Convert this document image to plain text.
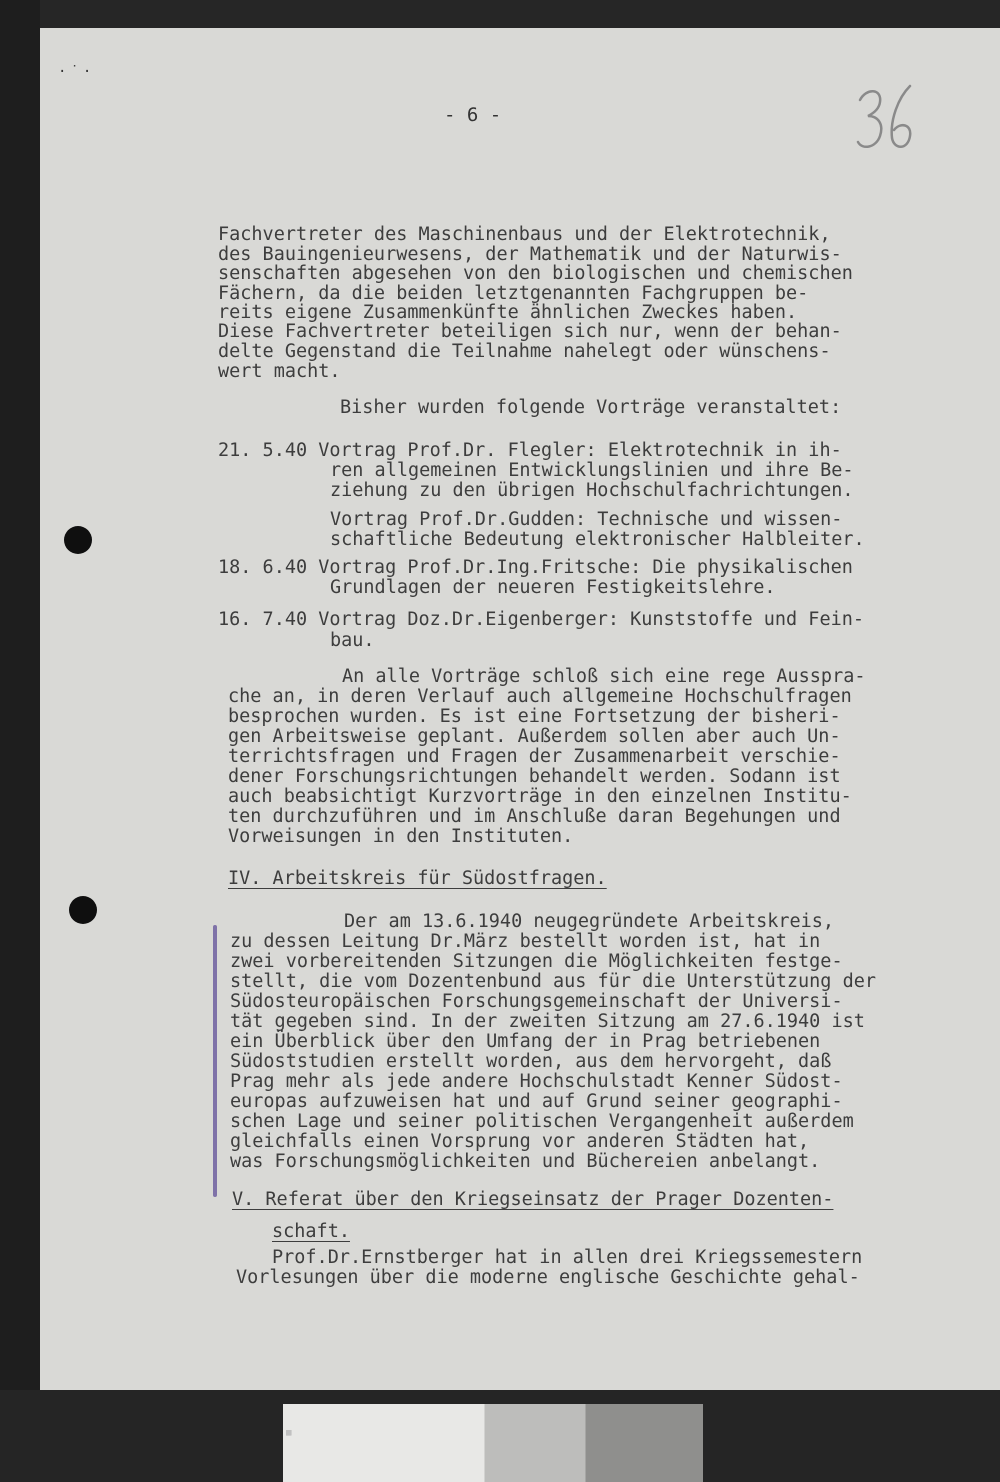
·˙·
- 6 -
Fachvertreter des Maschinenbaus und der Elektrotechnik,
des Bauingenieurwesens, der Mathematik und der Naturwis-
senschaften abgesehen von den biologischen und chemischen
Fächern, da die beiden letztgenannten Fachgruppen be-
reits eigene Zusammenkünfte ähnlichen Zweckes haben.
Diese Fachvertreter beteiligen sich nur, wenn der behan-
delte Gegenstand die Teilnahme nahelegt oder wünschens-
wert macht.
Bisher wurden folgende Vorträge veranstaltet:
21. 5.40 Vortrag Prof.Dr. Flegler: Elektrotechnik in ih-
ren allgemeinen Entwicklungslinien und ihre Be-
ziehung zu den übrigen Hochschulfachrichtungen.
Vortrag Prof.Dr.Gudden: Technische und wissen-
schaftliche Bedeutung elektronischer Halbleiter.
18. 6.40 Vortrag Prof.Dr.Ing.Fritsche: Die physikalischen
Grundlagen der neueren Festigkeitslehre.
16. 7.40 Vortrag Doz.Dr.Eigenberger: Kunststoffe und Fein-
bau.
An alle Vorträge schloß sich eine rege Ausspra-
che an, in deren Verlauf auch allgemeine Hochschulfragen
besprochen wurden. Es ist eine Fortsetzung der bisheri-
gen Arbeitsweise geplant. Außerdem sollen aber auch Un-
terrichtsfragen und Fragen der Zusammenarbeit verschie-
dener Forschungsrichtungen behandelt werden. Sodann ist
auch beabsichtigt Kurzvorträge in den einzelnen Institu-
ten durchzuführen und im Anschluße daran Begehungen und
Vorweisungen in den Instituten.
IV. Arbeitskreis für Südostfragen.
Der am 13.6.1940 neugegründete Arbeitskreis,
zu dessen Leitung Dr.März bestellt worden ist, hat in
zwei vorbereitenden Sitzungen die Möglichkeiten festge-
stellt, die vom Dozentenbund aus für die Unterstützung der
Südosteuropäischen Forschungsgemeinschaft der Universi-
tät gegeben sind. In der zweiten Sitzung am 27.6.1940 ist
ein Überblick über den Umfang der in Prag betriebenen
Südoststudien erstellt worden, aus dem hervorgeht, daß
Prag mehr als jede andere Hochschulstadt Kenner Südost-
europas aufzuweisen hat und auf Grund seiner geographi-
schen Lage und seiner politischen Vergangenheit außerdem
gleichfalls einen Vorsprung vor anderen Städten hat,
was Forschungsmöglichkeiten und Büchereien anbelangt.
V. Referat über den Kriegseinsatz der Prager Dozenten-
schaft.
Prof.Dr.Ernstberger hat in allen drei Kriegssemestern
Vorlesungen über die moderne englische Geschichte gehal-
▦
